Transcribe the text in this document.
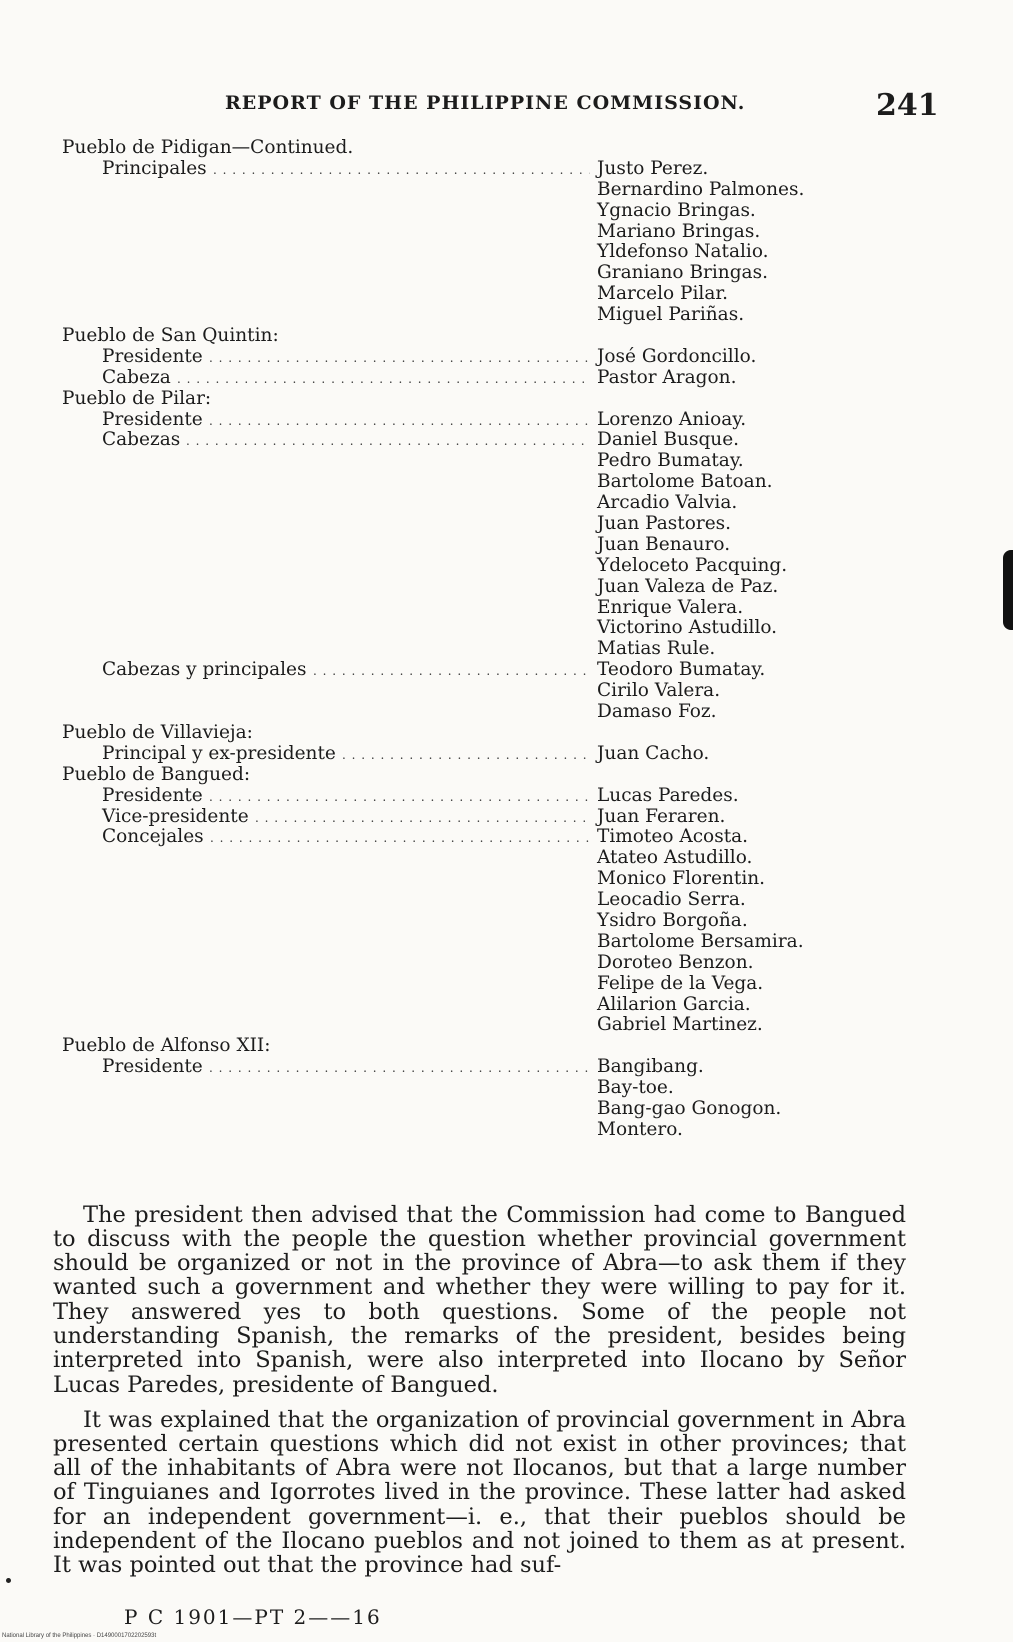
REPORT OF THE PHILIPPINE COMMISSION.	241
Pueblo de Pidigan—Continued.
Principales . . .	Justo Perez.
Bernardino Palmones.
Ygnacio Bringas.
Mariano Bringas.
Yldefonso Natalio.
Graniano Bringas.
Marcelo Pilar.
Miguel Pariñas.
Pueblo de San Quintin:
Presidente . . .	José Gordoncillo.
Cabeza . . .	Pastor Aragon.
Pueblo de Pilar:
Presidente . . .	Lorenzo Anioay.
Cabezas . . .	Daniel Busque.
Pedro Bumatay.
Bartolome Batoan.
Arcadio Valvia.
Juan Pastores.
Juan Benauro.
Ydeloceto Pacquing.
Juan Valeza de Paz.
Enrique Valera.
Victorino Astudillo.
Matias Rule.
Cabezas y principales . . .	Teodoro Bumatay.
Cirilo Valera.
Damaso Foz.
Pueblo de Villavieja:
Principal y ex-presidente . . .	Juan Cacho.
Pueblo de Bangued:
Presidente . . .	Lucas Paredes.
Vice-presidente . . .	Juan Feraren.
Concejales . . .	Timoteo Acosta.
Atateo Astudillo.
Monico Florentin.
Leocadio Serra.
Ysidro Borgoña.
Bartolome Bersamira.
Doroteo Benzon.
Felipe de la Vega.
Alilarion Garcia.
Gabriel Martinez.
Pueblo de Alfonso XII:
Presidente . . .	Bangibang.
Bay-toe.
Bang-gao Gonogon.
Montero.

The president then advised that the Commission had come to Bangued to discuss with the people the question whether provincial government should be organized or not in the province of Abra—to ask them if they wanted such a government and whether they were willing to pay for it. They answered yes to both questions. Some of the people not understanding Spanish, the remarks of the president, besides being interpreted into Spanish, were also interpreted into Ilocano by Señor Lucas Paredes, presidente of Bangued.

It was explained that the organization of provincial government in Abra presented certain questions which did not exist in other provinces; that all of the inhabitants of Abra were not Ilocanos, but that a large number of Tinguianes and Igorrotes lived in the province. These latter had asked for an independent government—i. e., that their pueblos should be independent of the Ilocano pueblos and not joined to them as at present. It was pointed out that the province had suf-

P C 1901—PT 2——16
National Library of the Philippines · D1490001702202593t
